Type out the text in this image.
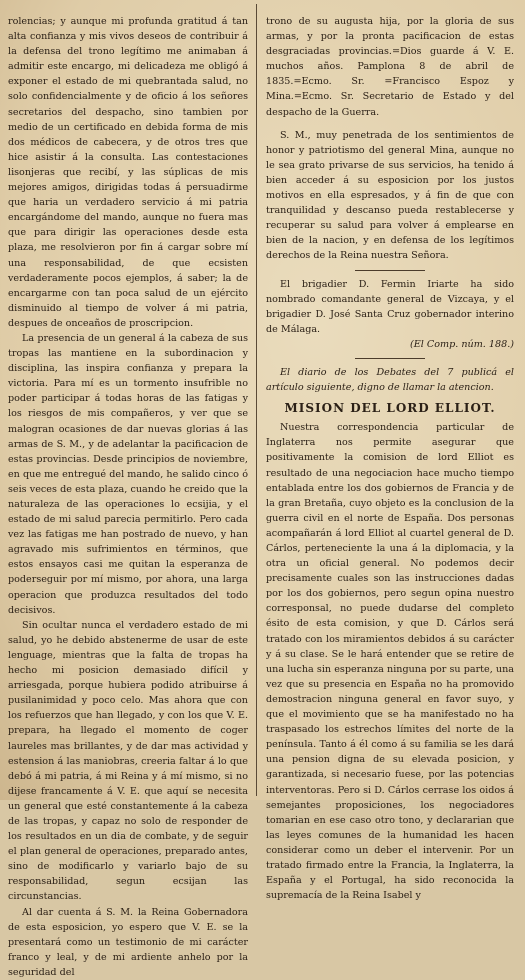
rolencias; y aunque mi profunda gratitud á tan alta confianza y mis vivos deseos de contribuir á la defensa del trono legítimo me animaban á admitir este encargo, mi delicadeza me obligó á exponer el estado de mi quebrantada salud, no solo confidencialmente y de oficio á los señores secretarios del despacho, sino tambien por medio de un certificado en debida forma de mis dos médicos de cabecera, y de otros tres que hice asistir á la consulta. Las contestaciones lisonjeras que recibí, y las súplicas de mis mejores amigos, dirigidas todas á persuadirme que haria un verdadero servicio á mi patria encargándome del mando, aunque no fuera mas que para dirigir las operaciones desde esta plaza, me resolvieron por fin á cargar sobre mí una responsabilidad, de que ecsisten verdaderamente pocos ejemplos, á saber; la de encargarme con tan poca salud de un ejército disminuido al tiempo de volver á mi patria, despues de onceaños de proscripcion.

La presencia de un general á la cabeza de sus tropas las mantiene en la subordinacion y disciplina, las inspira confianza y prepara la victoria. Para mí es un tormento insufrible no poder participar á todas horas de las fatigas y los riesgos de mis compañeros, y ver que se malogran ocasiones de dar nuevas glorias á las armas de S. M., y de adelantar la pacificacion de estas provincias. Desde principios de noviembre, en que me entregué del mando, he salido cinco ó seis veces de esta plaza, cuando he creido que la naturaleza de las operaciones lo ecsijia, y el estado de mi salud parecia permitirlo. Pero cada vez las fatigas me han postrado de nuevo, y han agravado mis sufrimientos en términos, que estos ensayos casi me quitan la esperanza de poderseguir por mí mismo, por ahora, una larga operacion que produzca resultados del todo decisivos.

Sin ocultar nunca el verdadero estado de mi salud, yo he debido abstenerme de usar de este lenguage, mientras que la falta de tropas ha hecho mi posicion demasiado difícil y arriesgada, porque hubiera podido atribuirse á pusilanimidad y poco celo. Mas ahora que con los refuerzos que han llegado, y con los que V. E. prepara, ha llegado el momento de coger laureles mas brillantes, y de dar mas actividad y estension á las maniobras, creeria faltar á lo que debó á mi patria, á mi Reina y á mí mismo, si no dijese francamente á V. E. que aquí se necesita un general que esté constantemente á la cabeza de las tropas, y capaz no solo de responder de los resultados en un dia de combate, y de seguir el plan general de operaciones, preparado antes, sino de modificarlo y variarlo bajo de su responsabilidad, segun ecsijan las circunstancias.

Al dar cuenta á S. M. la Reina Gobernadora de esta esposicion, yo espero que V. E. se la presentará como un testimonio de mi carácter franco y leal, y de mi ardiente anhelo por la seguridad del

trono de su augusta hija, por la gloria de sus armas, y por la pronta pacificacion de estas desgraciadas provincias.=Dios guarde á V. E. muchos años. Pamplona 8 de abril de 1835.=Ecmo. Sr. =Francisco Espoz y Mina.=Ecmo. Sr. Secretario de Estado y del despacho de la Guerra.

S. M., muy penetrada de los sentimientos de honor y patriotismo del general Mina, aunque no le sea grato privarse de sus servicios, ha tenido á bien acceder á su esposicion por los justos motivos en ella espresados, y á fin de que con tranquilidad y descanso pueda restablecerse y recuperar su salud para volver á emplearse en bien de la nacion, y en defensa de los legítimos derechos de la Reina nuestra Señora.

El brigadier D. Fermin Iriarte ha sido nombrado comandante general de Vizcaya, y el brigadier D. José Santa Cruz gobernador interino de Málaga.

(El Comp. núm. 188.)

El diario de los Debates del 7 publicá el artículo siguiente, digno de llamar la atencion.

MISION DEL LORD ELLIOT.

Nuestra correspondencia particular de Inglaterra nos permite asegurar que positivamente la comision de lord Elliot es resultado de una negociacion hace mucho tiempo entablada entre los dos gobiernos de Francia y de la gran Bretaña, cuyo objeto es la conclusion de la guerra civil en el norte de España. Dos personas acompañarán á lord Elliot al cuartel general de D. Cárlos, perteneciente la una á la diplomacia, y la otra un oficial general. No podemos decir precisamente cuales son las instrucciones dadas por los dos gobiernos, pero segun opina nuestro corresponsal, no puede dudarse del completo ésito de esta comision, y que D. Cárlos será tratado con los miramientos debidos á su carácter y á su clase. Se le hará entender que se retire de una lucha sin esperanza ninguna por su parte, una vez que su presencia en España no ha promovido demostracion ninguna general en favor suyo, y que el movimiento que se ha manifestado no ha traspasado los estrechos límites del norte de la península. Tanto á él como á su familia se les dará una pension digna de su elevada posicion, y garantizada, si necesario fuese, por las potencias interventoras. Pero si D. Cárlos cerrase los oidos á semejantes proposiciones, los negociadores tomarian en ese caso otro tono, y declararian que las leyes comunes de la humanidad les hacen considerar como un deber el intervenir. Por un tratado firmado entre la Francia, la Inglaterra, la España y el Portugal, ha sido reconocida la supremacía de la Reina Isabel y
